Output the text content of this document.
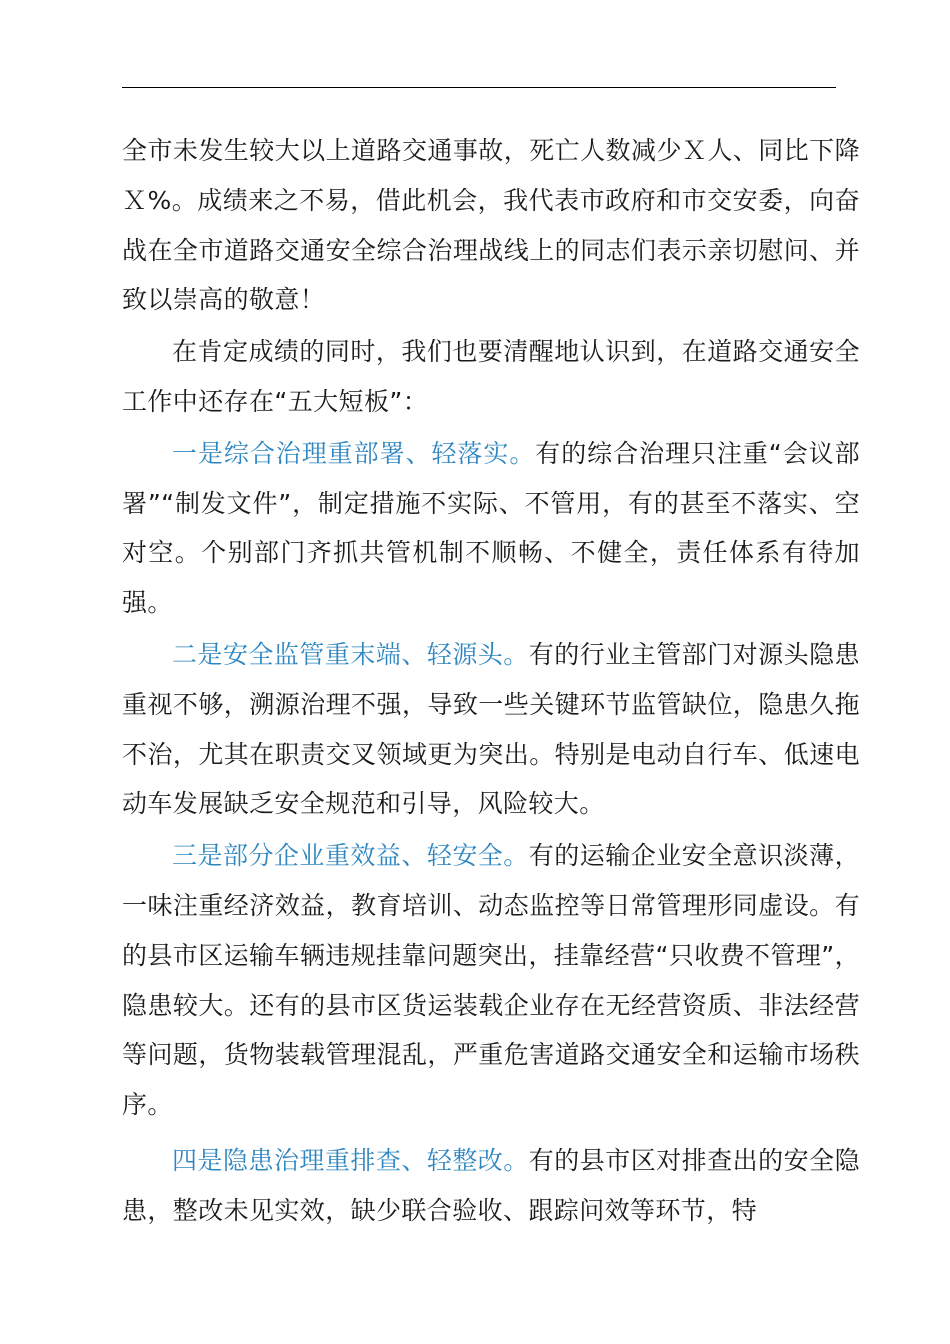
全市未发生较大以上道路交通事故，死亡人数减少Ｘ人、同比下降Ｘ%。成绩来之不易，借此机会，我代表市政府和市交安委，向奋战在全市道路交通安全综合治理战线上的同志们表示亲切慰问、并致以崇高的敬意！

在肯定成绩的同时，我们也要清醒地认识到，在道路交通安全工作中还存在“五大短板”：

一是综合治理重部署、轻落实。有的综合治理只注重“会议部署”“制发文件”，制定措施不实际、不管用，有的甚至不落实、空对空。个别部门齐抓共管机制不顺畅、不健全，责任体系有待加强。

二是安全监管重末端、轻源头。有的行业主管部门对源头隐患重视不够，溯源治理不强，导致一些关键环节监管缺位，隐患久拖不治，尤其在职责交叉领域更为突出。特别是电动自行车、低速电动车发展缺乏安全规范和引导，风险较大。

三是部分企业重效益、轻安全。有的运输企业安全意识淡薄，一味注重经济效益，教育培训、动态监控等日常管理形同虚设。有的县市区运输车辆违规挂靠问题突出，挂靠经营“只收费不管理”，隐患较大。还有的县市区货运装载企业存在无经营资质、非法经营等问题，货物装载管理混乱，严重危害道路交通安全和运输市场秩序。

四是隐患治理重排查、轻整改。有的县市区对排查出的安全隐患，整改未见实效，缺少联合验收、跟踪问效等环节，特
